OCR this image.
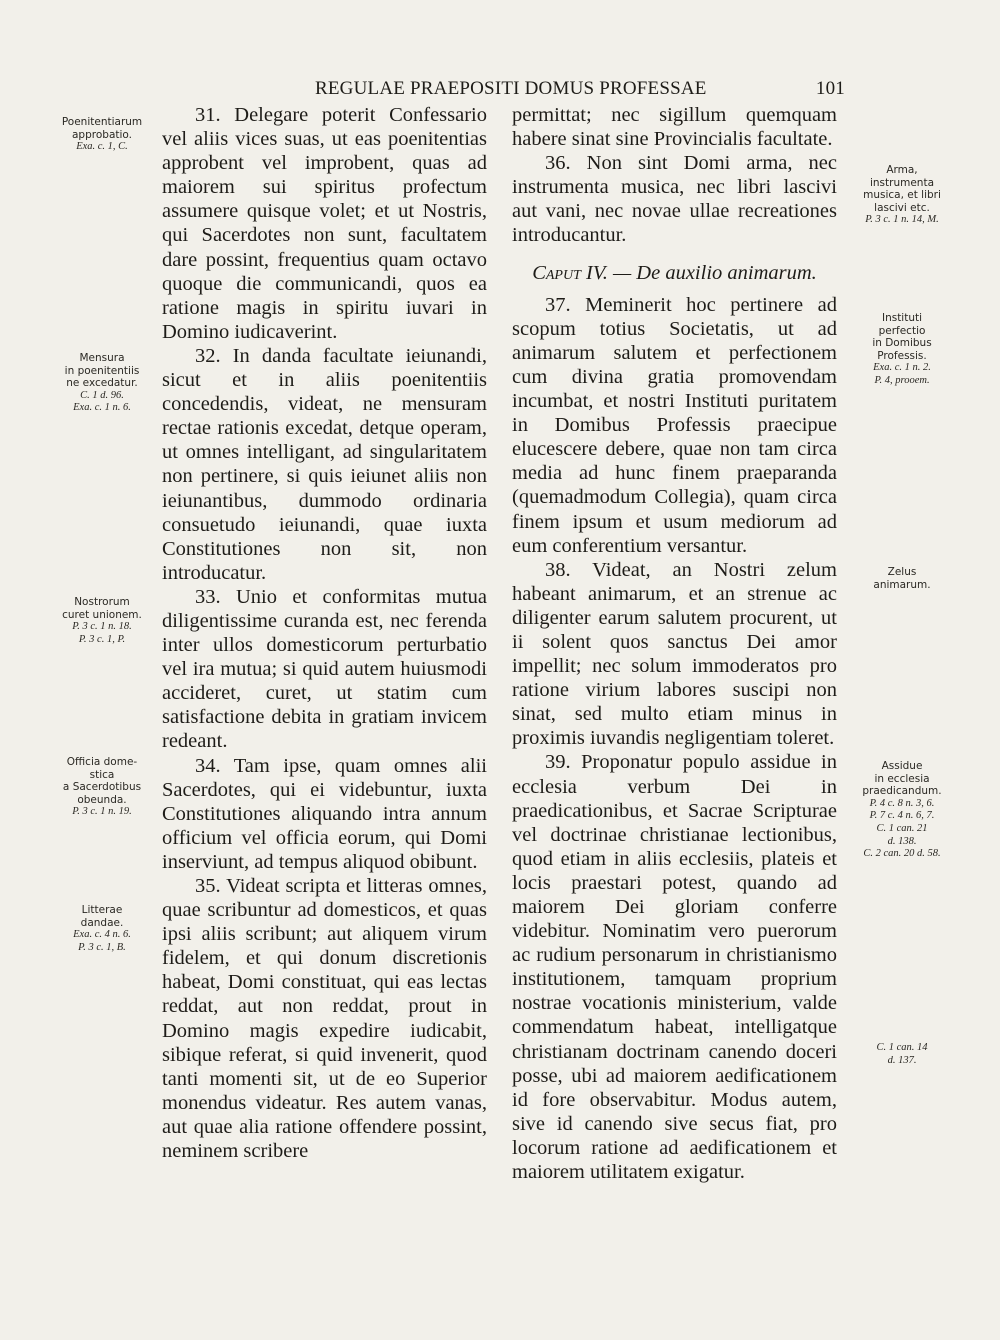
REGULAE PRAEPOSITI DOMUS PROFESSAE	101

31. Delegare poterit Confessario vel aliis vices suas, ut eas poenitentias approbent vel improbent, quas ad maiorem sui spiritus profectum assumere quisque volet; et ut Nostris, qui Sacerdotes non sunt, facultatem dare possint, frequentius quam octavo quoque die communicandi, quos ea ratione magis in spiritu iuvari in Domino iudicaverint.

32. In danda facultate ieiunandi, sicut et in aliis poenitentiis concedendis, videat, ne mensuram rectae rationis excedat, detque operam, ut omnes intelligant, ad singularitatem non pertinere, si quis ieiunet aliis non ieiunantibus, dummodo ordinaria consuetudo ieiunandi, quae iuxta Constitutiones non sit, non introducatur.

33. Unio et conformitas mutua diligentissime curanda est, nec ferenda inter ullos domesticorum perturbatio vel ira mutua; si quid autem huiusmodi accideret, curet, ut statim cum satisfactione debita in gratiam invicem redeant.

34. Tam ipse, quam omnes alii Sacerdotes, qui ei videbuntur, iuxta Constitutiones aliquando intra annum officium vel officia eorum, qui Domi inserviunt, ad tempus aliquod obibunt.

35. Videat scripta et litteras omnes, quae scribuntur ad domesticos, et quas ipsi aliis scribunt; aut aliquem virum fidelem, et qui donum discretionis habeat, Domi constituat, qui eas lectas reddat, aut non reddat, prout in Domino magis expedire iudicabit, sibique referat, si quid invenerit, quod tanti momenti sit, ut de eo Superior monendus videatur. Res autem vanas, aut quae alia ratione offendere possint, neminem scribere

permittat; nec sigillum quemquam habere sinat sine Provincialis facultate.

36. Non sint Domi arma, nec instrumenta musica, nec libri lascivi aut vani, nec novae ullae recreationes introducantur.

Caput IV. — De auxilio animarum.

37. Meminerit hoc pertinere ad scopum totius Societatis, ut ad animarum salutem et perfectionem cum divina gratia promovendam incumbat, et nostri Instituti puritatem in Domibus Professis praecipue elucescere debere, quae non tam circa media ad hunc finem praeparanda (quemadmodum Collegia), quam circa finem ipsum et usum mediorum ad eum conferentium versantur.

38. Videat, an Nostri zelum habeant animarum, et an strenue ac diligenter earum salutem procurent, ut ii solent quos sanctus Dei amor impellit; nec solum immoderatos pro ratione virium labores suscipi non sinat, sed multo etiam minus in proximis iuvandis negligentiam toleret.

39. Proponatur populo assidue in ecclesia verbum Dei in praedicationibus, et Sacrae Scripturae vel doctrinae christianae lectionibus, quod etiam in aliis ecclesiis, plateis et locis praestari potest, quando ad maiorem Dei gloriam conferre videbitur. Nominatim vero puerorum ac rudium personarum in christianismo institutionem, tamquam proprium nostrae vocationis ministerium, valde commendatum habeat, intelligatque christianam doctrinam canendo doceri posse, ubi ad maiorem aedificationem id fore observabitur. Modus autem, sive id canendo sive secus fiat, pro locorum ratione ad aedificationem et maiorem utilitatem exigatur.

Poenitentiarum
approbatio.
Exa. c. 1, C.
Mensura
in poenitentiis
ne excedatur.
C. 1 d. 96.
Exa. c. 1 n. 6.
Nostrorum
curet unionem.
P. 3 c. 1 n. 18.
P. 3 c. 1, P.
Officia dome-
stica
a Sacerdotibus
obeunda.
P. 3 c. 1 n. 19.
Litterae
dandae.
Exa. c. 4 n. 6.
P. 3 c. 1, B.
Arma,
instrumenta
musica, et libri
lascivi etc.
P. 3 c. 1 n. 14, M.
Instituti
perfectio
in Domibus
Professis.
Exa. c. 1 n. 2.
P. 4, prooem.
Zelus
animarum.
Assidue
in ecclesia
praedicandum.
P. 4 c. 8 n. 3, 6.
P. 7 c. 4 n. 6, 7.
C. 1 can. 21
d. 138.
C. 2 can. 20 d. 58.
C. 1 can. 14
d. 137.
